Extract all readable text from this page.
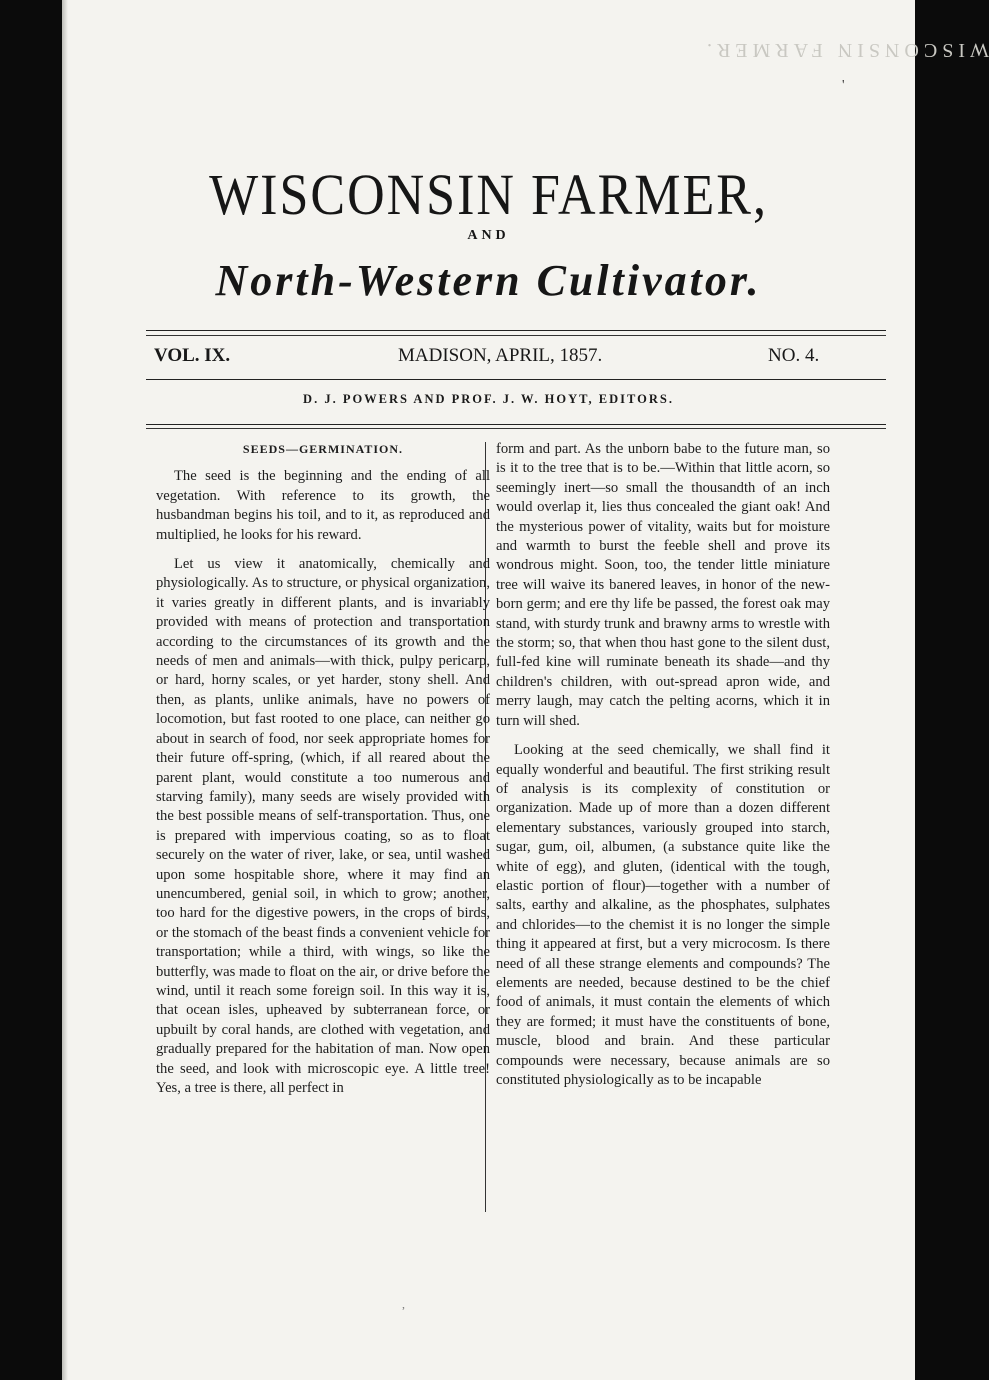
WISCONSIN FARMER.
'
WISCONSIN FARMER,
AND
North-Western Cultivator.
VOL. IX.	MADISON, APRIL, 1857.	NO. 4.
D. J. POWERS AND PROF. J. W. HOYT, EDITORS.

SEEDS—GERMINATION.

The seed is the beginning and the ending of all vegetation. With reference to its growth, the husbandman begins his toil, and to it, as reproduced and multiplied, he looks for his reward.

Let us view it anatomically, chemically and physiologically. As to structure, or physical organization, it varies greatly in different plants, and is invariably provided with means of protection and transportation according to the circumstances of its growth and the needs of men and animals—with thick, pulpy pericarp, or hard, horny scales, or yet harder, stony shell. And then, as plants, unlike animals, have no powers of locomotion, but fast rooted to one place, can neither go about in search of food, nor seek appropriate homes for their future off-spring, (which, if all reared about the parent plant, would constitute a too numerous and starving family), many seeds are wisely provided with the best possible means of self-transportation. Thus, one is prepared with impervious coating, so as to float securely on the water of river, lake, or sea, until washed upon some hospitable shore, where it may find an unencumbered, genial soil, in which to grow; another, too hard for the digestive powers, in the crops of birds, or the stomach of the beast finds a convenient vehicle for transportation; while a third, with wings, so like the butterfly, was made to float on the air, or drive before the wind, until it reach some foreign soil. In this way it is, that ocean isles, upheaved by subterranean force, or upbuilt by coral hands, are clothed with vegetation, and gradually prepared for the habitation of man. Now open the seed, and look with microscopic eye. A little tree! Yes, a tree is there, all perfect in

form and part. As the unborn babe to the future man, so is it to the tree that is to be.—Within that little acorn, so seemingly inert—so small the thousandth of an inch would overlap it, lies thus concealed the giant oak! And the mysterious power of vitality, waits but for moisture and warmth to burst the feeble shell and prove its wondrous might. Soon, too, the tender little miniature tree will waive its banered leaves, in honor of the new-born germ; and ere thy life be passed, the forest oak may stand, with sturdy trunk and brawny arms to wrestle with the storm; so, that when thou hast gone to the silent dust, full-fed kine will ruminate beneath its shade—and thy children's children, with out-spread apron wide, and merry laugh, may catch the pelting acorns, which it in turn will shed.

Looking at the seed chemically, we shall find it equally wonderful and beautiful. The first striking result of analysis is its complexity of constitution or organization. Made up of more than a dozen different elementary substances, variously grouped into starch, sugar, gum, oil, albumen, (a substance quite like the white of egg), and gluten, (identical with the tough, elastic portion of flour)—together with a number of salts, earthy and alkaline, as the phosphates, sulphates and chlorides—to the chemist it is no longer the simple thing it appeared at first, but a very microcosm. Is there need of all these strange elements and compounds? The elements are needed, because destined to be the chief food of animals, it must contain the elements of which they are formed; it must have the constituents of bone, muscle, blood and brain. And these particular compounds were necessary, because animals are so constituted physiologically as to be incapable

,
